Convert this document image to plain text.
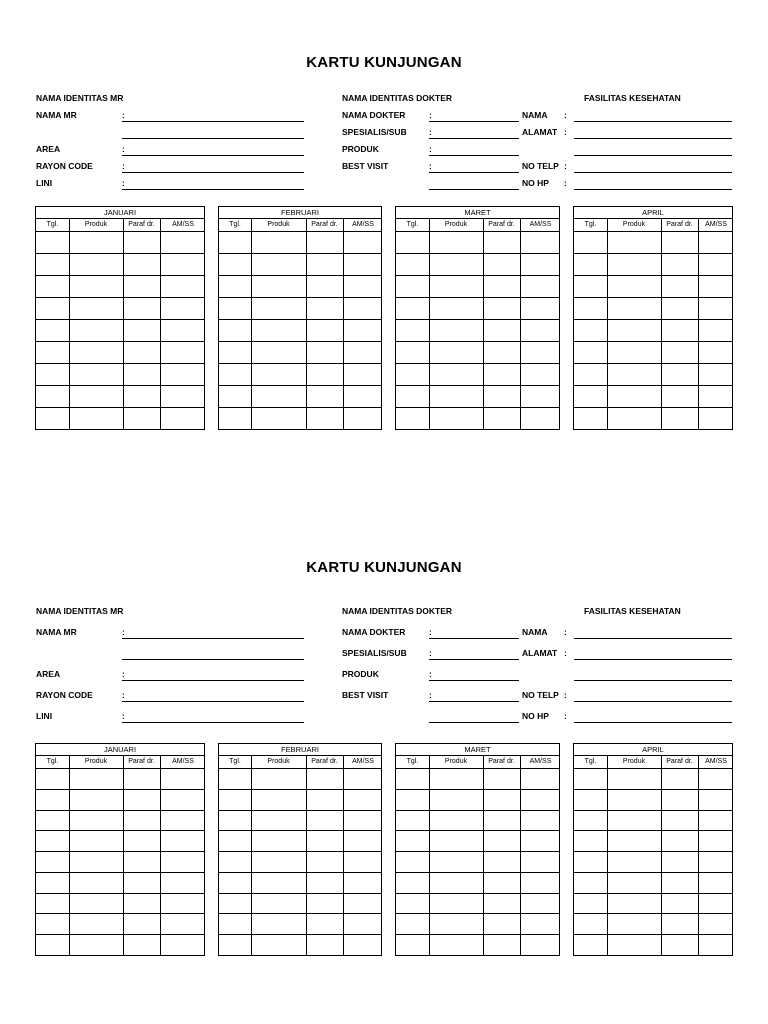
KARTU KUNJUNGAN
NAMA IDENTITAS MR	NAMA IDENTITAS DOKTER	FASILITAS KESEHATAN
NAMA MR	:
AREA	:
RAYON CODE	:
LINI	:
NAMA DOKTER	:
SPESIALIS/SUB	:
PRODUK	:
BEST VISIT	:
NAMA :
ALAMAT :
NO TELP :
NO HP :
JANUARI
Tgl.	Produk	Paraf dr.	AM/SS
FEBRUARI
Tgl.	Produk	Paraf dr.	AM/SS
MARET
Tgl.	Produk	Paraf dr.	AM/SS
APRIL
Tgl.	Produk	Paraf dr.	AM/SS
KARTU KUNJUNGAN
NAMA IDENTITAS MR	NAMA IDENTITAS DOKTER	FASILITAS KESEHATAN
NAMA MR	:
AREA	:
RAYON CODE	:
LINI	:
NAMA DOKTER	:
SPESIALIS/SUB	:
PRODUK	:
BEST VISIT	:
NAMA :
ALAMAT :
NO TELP :
NO HP :
JANUARI
Tgl.	Produk	Paraf dr.	AM/SS
FEBRUARI
Tgl.	Produk	Paraf dr.	AM/SS
MARET
Tgl.	Produk	Paraf dr.	AM/SS
APRIL
Tgl.	Produk	Paraf dr.	AM/SS
